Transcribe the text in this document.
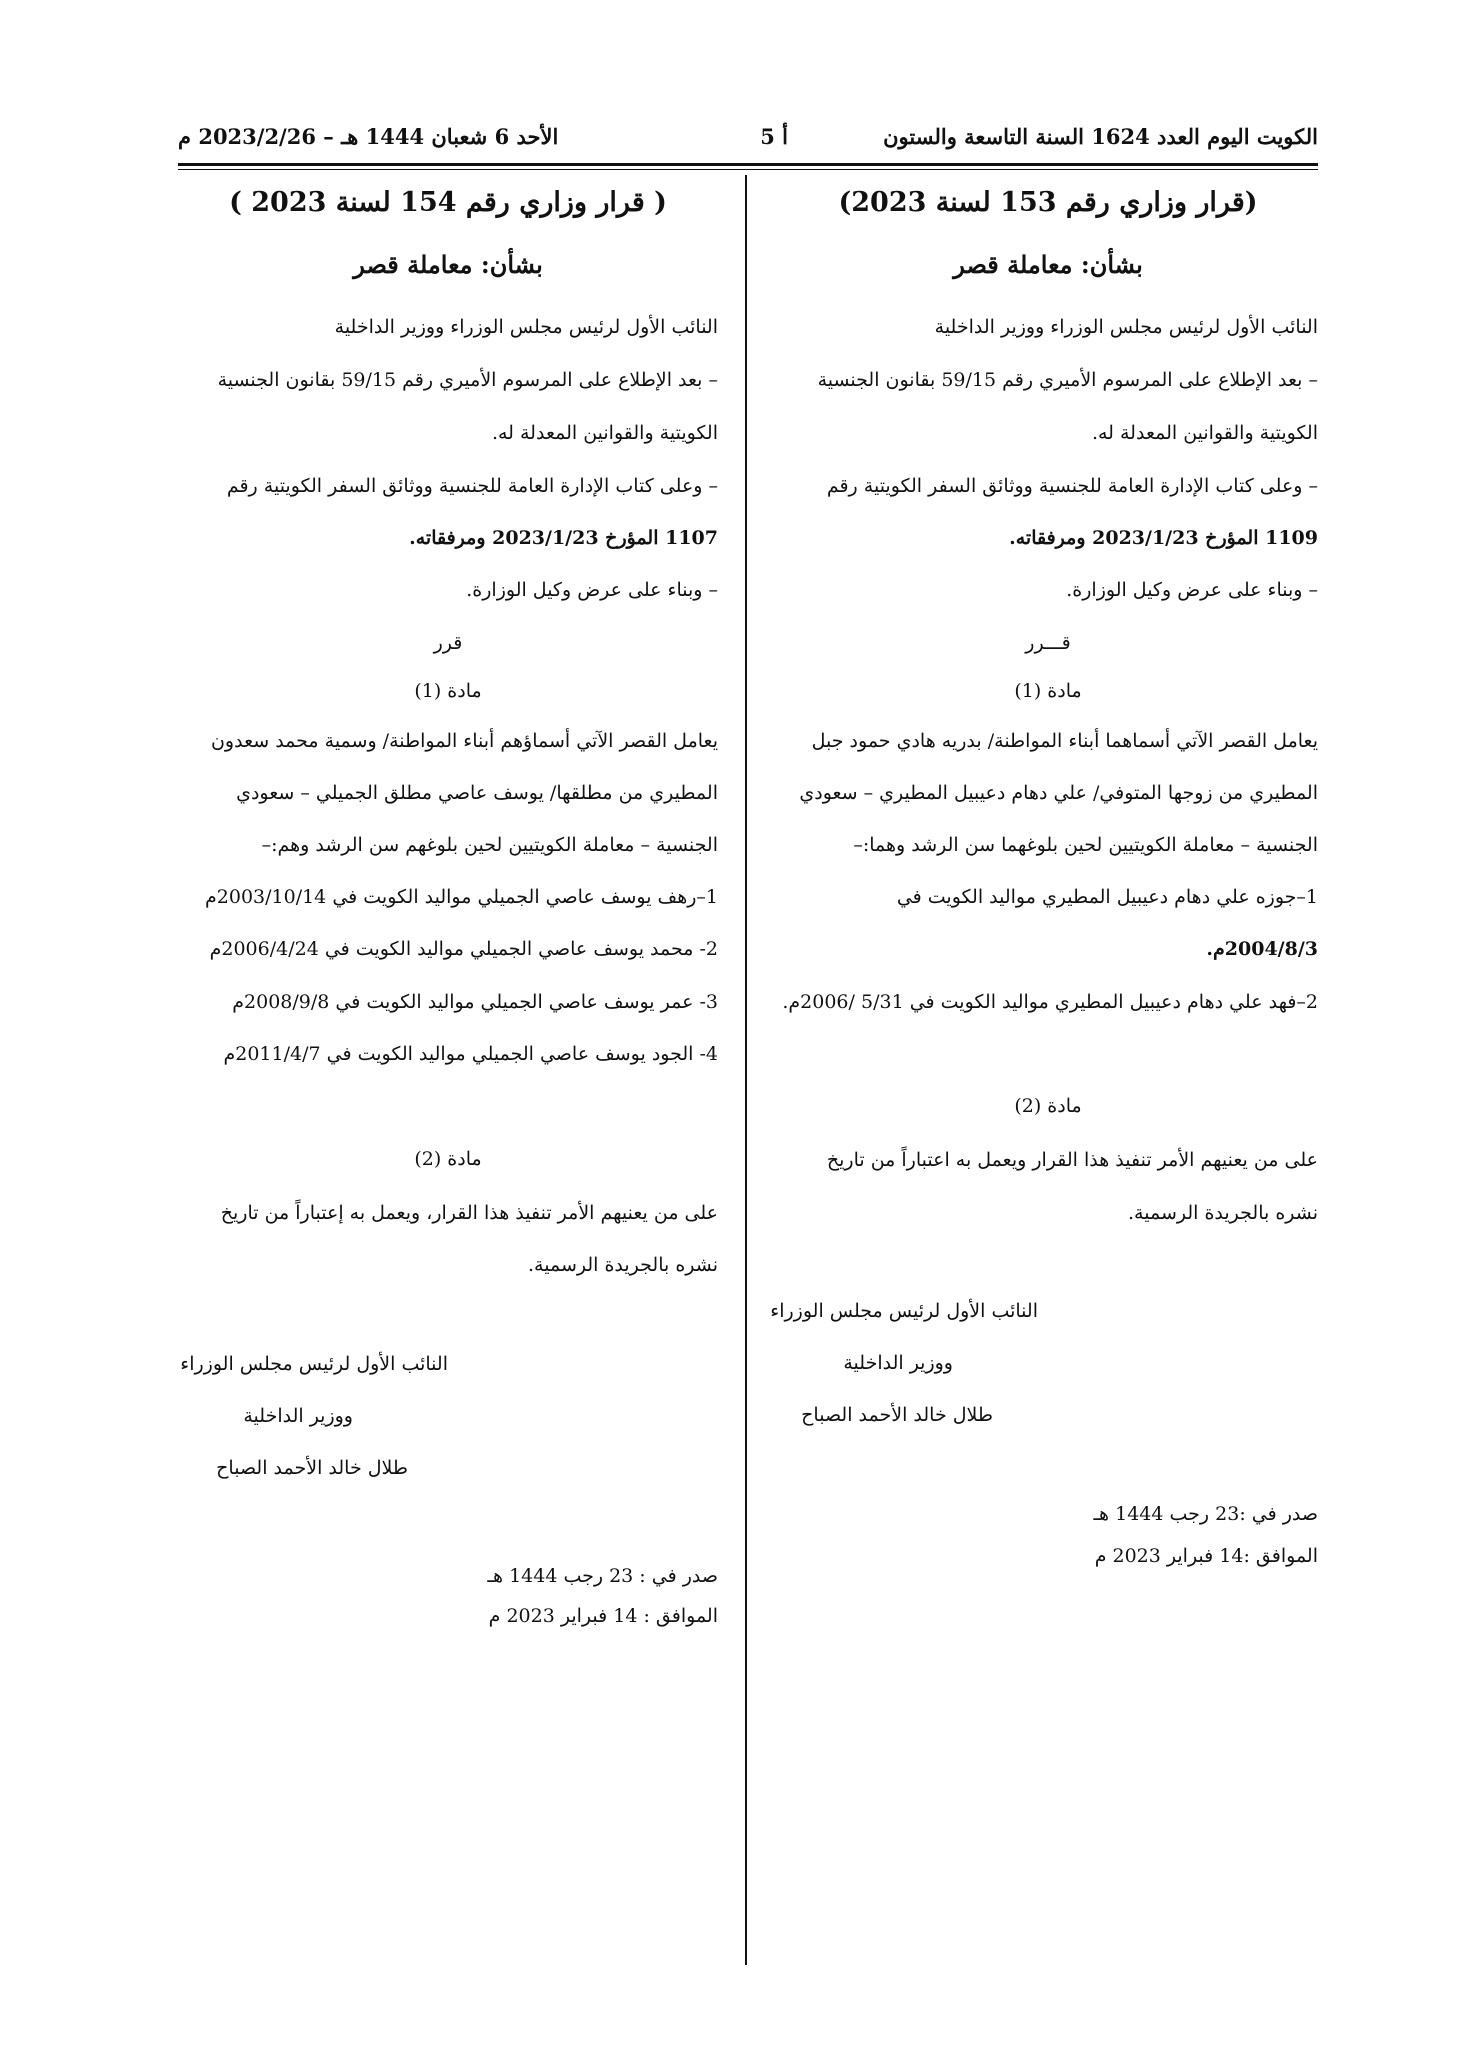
الكويت اليوم العدد 1624 السنة التاسعة والستون
أ 5
الأحد 6 شعبان 1444 هـ – 2023/2/26 م
(قرار وزاري رقم 153 لسنة 2023)
بشأن: معاملة قصر
النائب الأول لرئيس مجلس الوزراء ووزير الداخلية
– بعد الإطلاع على المرسوم الأميري رقم 59/15 بقانون الجنسية
الكويتية والقوانين المعدلة له.
– وعلى كتاب الإدارة العامة للجنسية ووثائق السفر الكويتية رقم
1109 المؤرخ 2023/1/23 ومرفقاته.
– وبناء على عرض وكيل الوزارة.
قـــرر
مادة (1)
يعامل القصر الآتي أسماهما أبناء المواطنة/ بدريه هادي حمود جبل
المطيري من زوجها المتوفي/ علي دهام دعيبيل المطيري – سعودي
الجنسية – معاملة الكويتيين لحين بلوغهما سن الرشد وهما:–
1–جوزه علي دهام دعيبيل المطيري مواليد الكويت في
2004/8/3م.
2–فهد علي دهام دعيبيل المطيري مواليد الكويت في 5/31 /2006م.
مادة (2)
على من يعنيهم الأمر تنفيذ هذا القرار ويعمل به اعتباراً من تاريخ
نشره بالجريدة الرسمية.
النائب الأول لرئيس مجلس الوزراء
ووزير الداخلية
طلال خالد الأحمد الصباح
صدر في :23 رجب 1444 هـ
الموافق :14 فبراير 2023 م
( قرار وزاري رقم 154 لسنة 2023 )
بشأن: معاملة قصر
النائب الأول لرئيس مجلس الوزراء ووزير الداخلية
– بعد الإطلاع على المرسوم الأميري رقم 59/15 بقانون الجنسية
الكويتية والقوانين المعدلة له.
– وعلى كتاب الإدارة العامة للجنسية ووثائق السفر الكويتية رقم
1107 المؤرخ 2023/1/23 ومرفقاته.
– وبناء على عرض وكيل الوزارة.
قرر
مادة (1)
يعامل القصر الآتي أسماؤهم أبناء المواطنة/ وسمية محمد سعدون
المطيري من مطلقها/ يوسف عاصي مطلق الجميلي – سعودي
الجنسية – معاملة الكويتيين لحين بلوغهم سن الرشد وهم:–
1–رهف يوسف عاصي الجميلي مواليد الكويت في 2003/10/14م
2- محمد يوسف عاصي الجميلي مواليد الكويت في 2006/4/24م
3- عمر يوسف عاصي الجميلي مواليد الكويت في 2008/9/8م
4- الجود يوسف عاصي الجميلي مواليد الكويت في 2011/4/7م
مادة (2)
على من يعنيهم الأمر تنفيذ هذا القرار، ويعمل به إعتباراً من تاريخ
نشره بالجريدة الرسمية.
النائب الأول لرئيس مجلس الوزراء
ووزير الداخلية
طلال خالد الأحمد الصباح
صدر في : 23 رجب 1444 هـ
الموافق : 14 فبراير 2023 م
